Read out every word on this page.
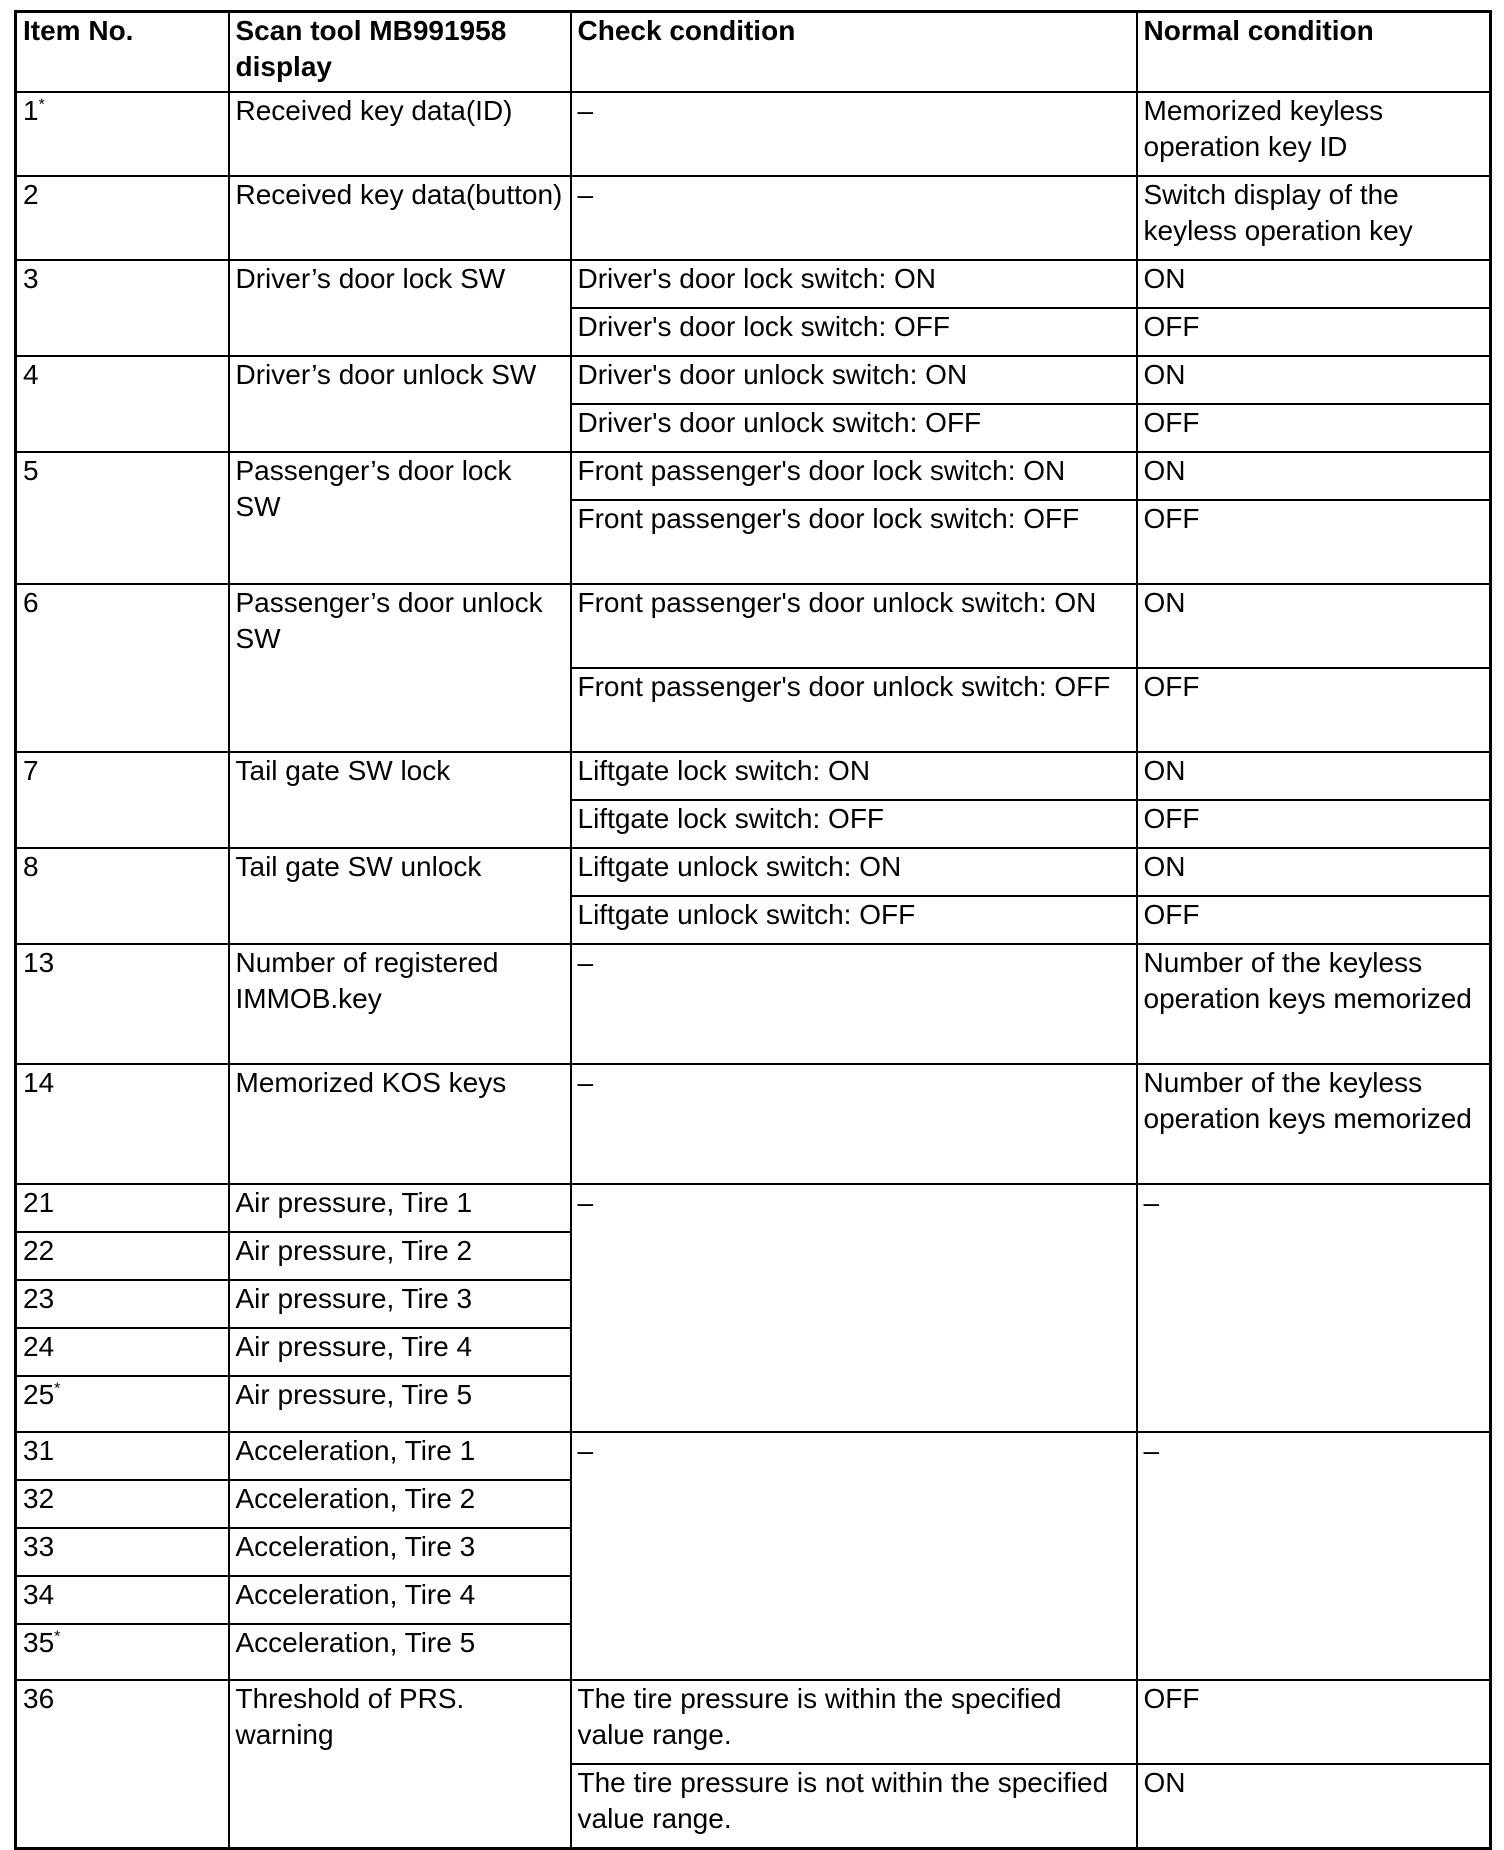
Item No.	Scan tool MB991958 display	Check condition	Normal condition
1*	Received key data(ID)	–	Memorized keyless operation key ID
2	Received key data(button)	–	Switch display of the keyless operation key
3	Driver’s door lock SW	Driver's door lock switch: ON	ON
		Driver's door lock switch: OFF	OFF
4	Driver’s door unlock SW	Driver's door unlock switch: ON	ON
		Driver's door unlock switch: OFF	OFF
5	Passenger’s door lock SW	Front passenger's door lock switch: ON	ON
		Front passenger's door lock switch: OFF	OFF
6	Passenger’s door unlock SW	Front passenger's door unlock switch: ON	ON
		Front passenger's door unlock switch: OFF	OFF
7	Tail gate SW lock	Liftgate lock switch: ON	ON
		Liftgate lock switch: OFF	OFF
8	Tail gate SW unlock	Liftgate unlock switch: ON	ON
		Liftgate unlock switch: OFF	OFF
13	Number of registered IMMOB.key	–	Number of the keyless operation keys memorized
14	Memorized KOS keys	–	Number of the keyless operation keys memorized
21	Air pressure, Tire 1	–	–
22	Air pressure, Tire 2		
23	Air pressure, Tire 3		
24	Air pressure, Tire 4		
25*	Air pressure, Tire 5		
31	Acceleration, Tire 1	–	–
32	Acceleration, Tire 2		
33	Acceleration, Tire 3		
34	Acceleration, Tire 4		
35*	Acceleration, Tire 5		
36	Threshold of PRS. warning	The tire pressure is within the specified value range.	OFF
		The tire pressure is not within the specified value range.	ON
